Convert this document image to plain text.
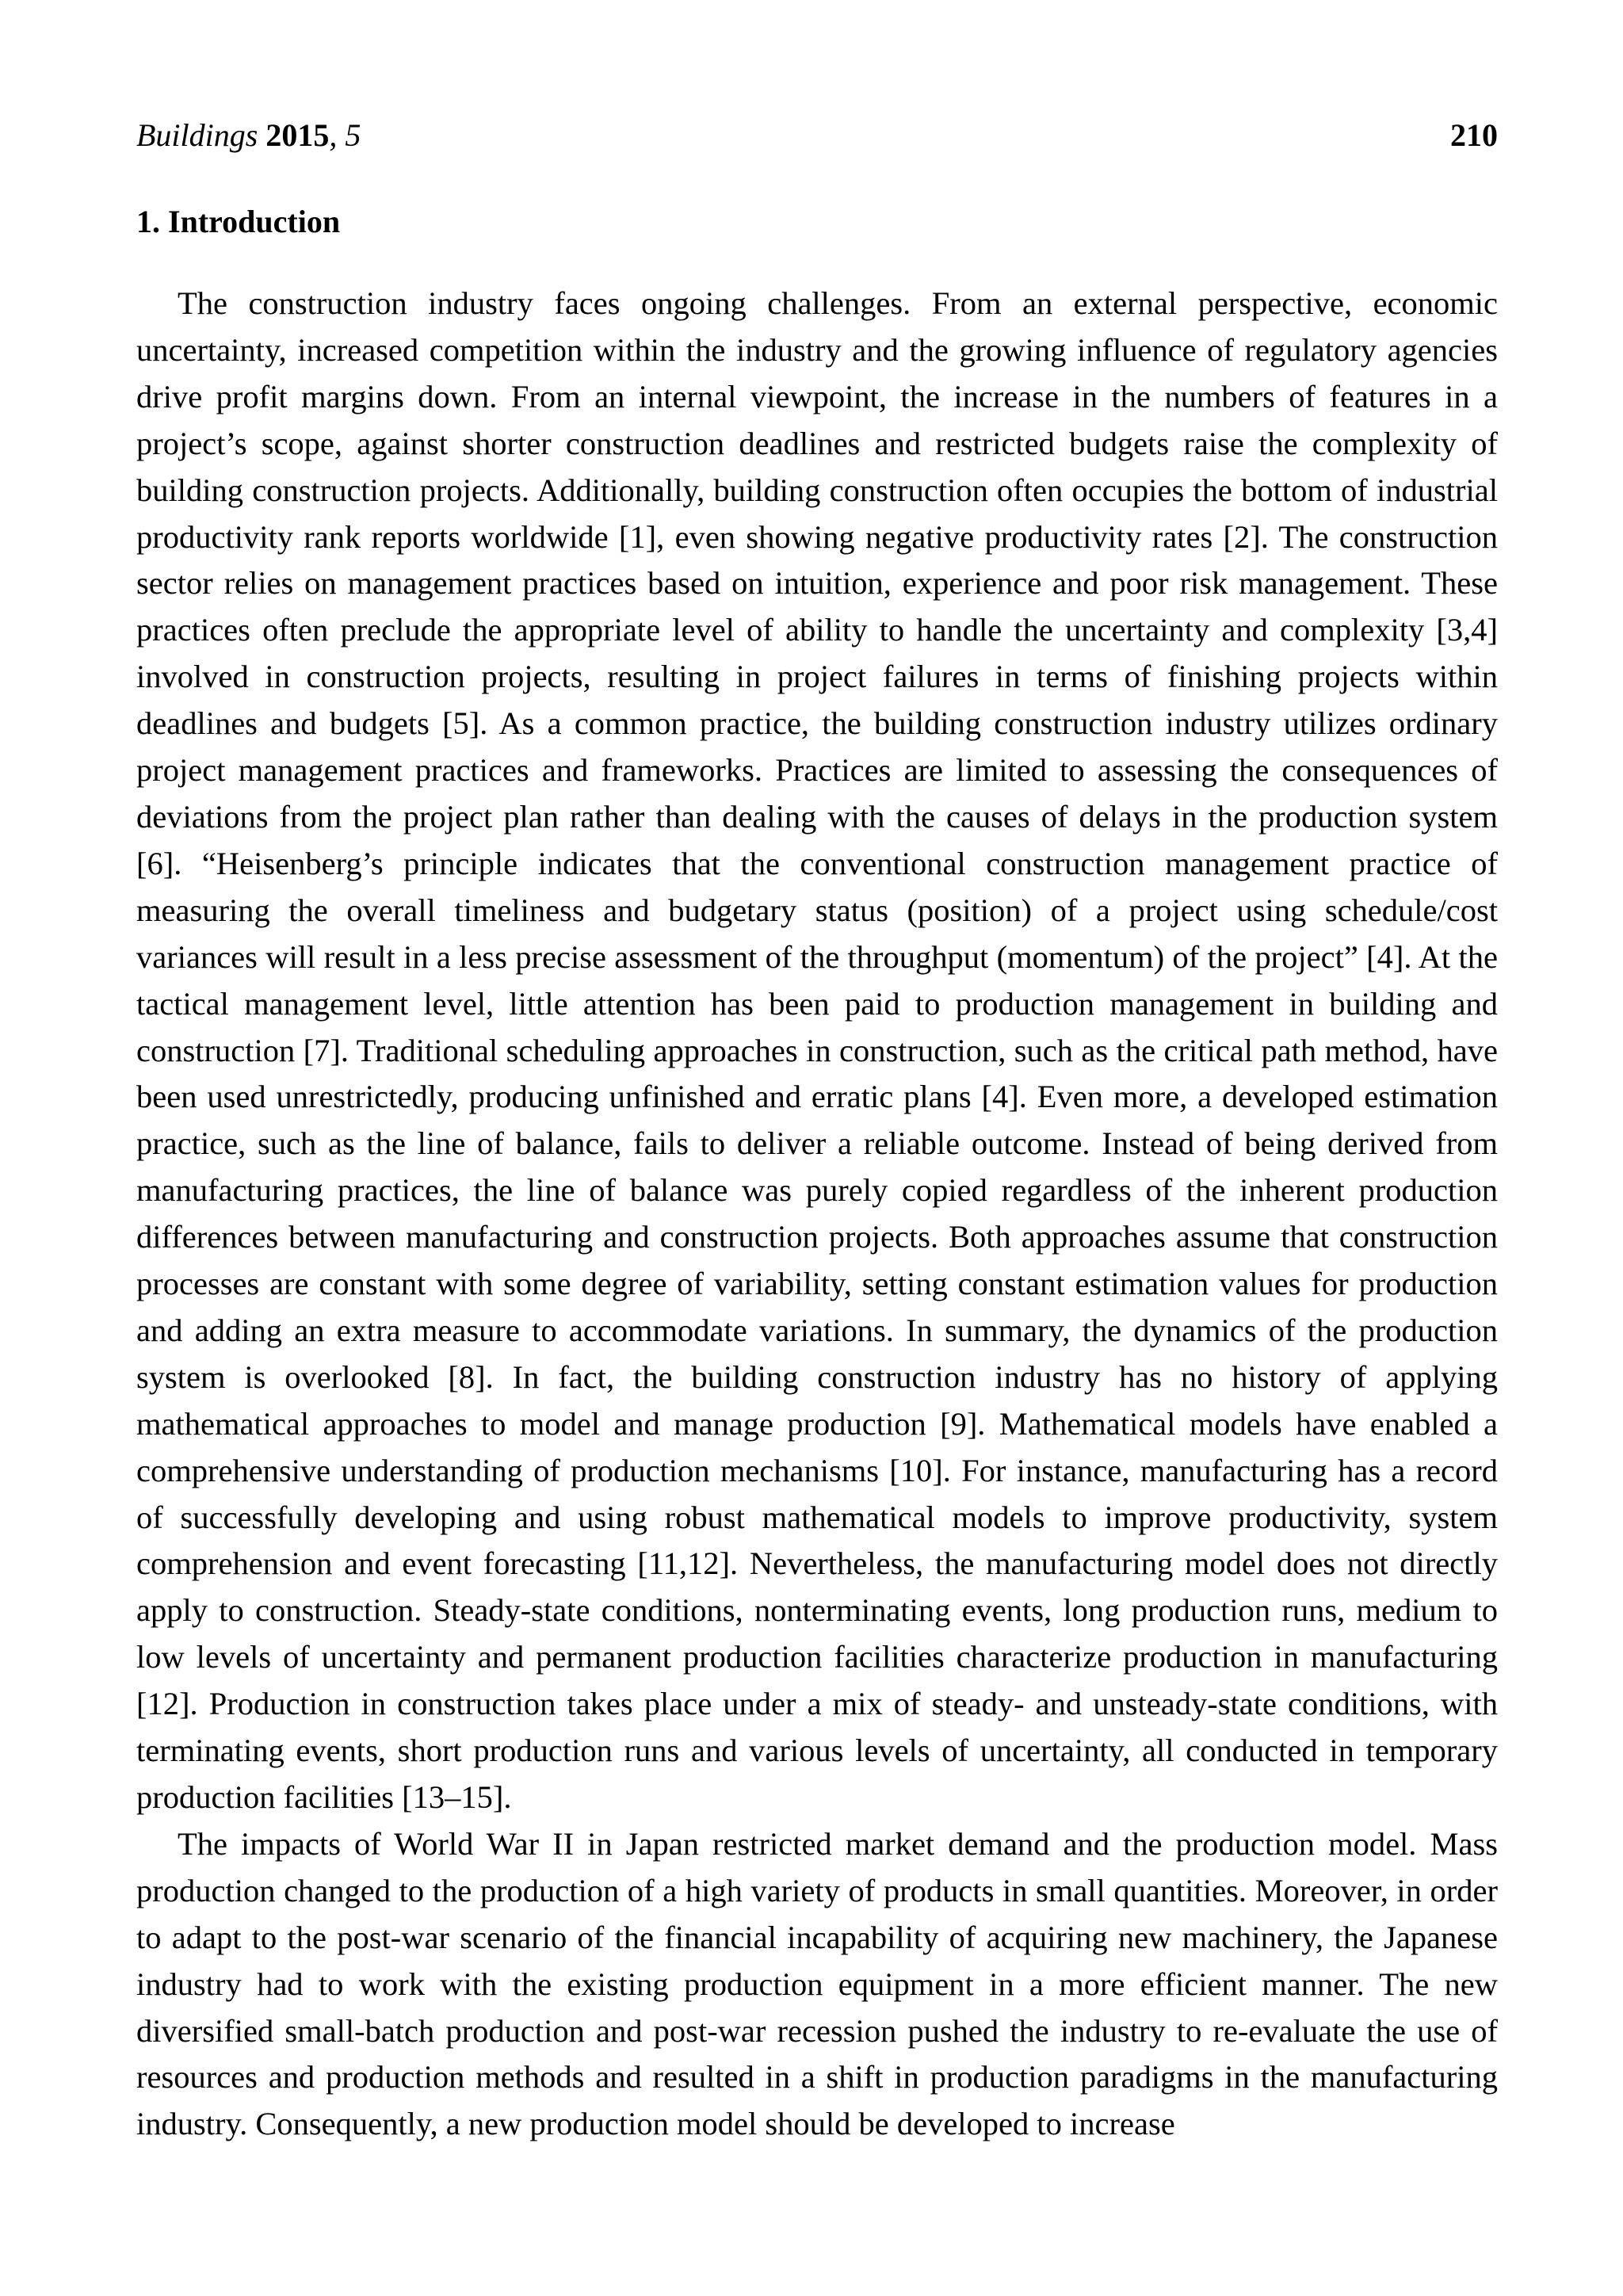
Buildings 2015, 5	210
1. Introduction

The construction industry faces ongoing challenges. From an external perspective, economic uncertainty, increased competition within the industry and the growing influence of regulatory agencies drive profit margins down. From an internal viewpoint, the increase in the numbers of features in a project’s scope, against shorter construction deadlines and restricted budgets raise the complexity of building construction projects. Additionally, building construction often occupies the bottom of industrial productivity rank reports worldwide [1], even showing negative productivity rates [2]. The construction sector relies on management practices based on intuition, experience and poor risk management. These practices often preclude the appropriate level of ability to handle the uncertainty and complexity [3,4] involved in construction projects, resulting in project failures in terms of finishing projects within deadlines and budgets [5]. As a common practice, the building construction industry utilizes ordinary project management practices and frameworks. Practices are limited to assessing the consequences of deviations from the project plan rather than dealing with the causes of delays in the production system [6]. “Heisenberg’s principle indicates that the conventional construction management practice of measuring the overall timeliness and budgetary status (position) of a project using schedule/cost variances will result in a less precise assessment of the throughput (momentum) of the project” [4]. At the tactical management level, little attention has been paid to production management in building and construction [7]. Traditional scheduling approaches in construction, such as the critical path method, have been used unrestrictedly, producing unfinished and erratic plans [4]. Even more, a developed estimation practice, such as the line of balance, fails to deliver a reliable outcome. Instead of being derived from manufacturing practices, the line of balance was purely copied regardless of the inherent production differences between manufacturing and construction projects. Both approaches assume that construction processes are constant with some degree of variability, setting constant estimation values for production and adding an extra measure to accommodate variations. In summary, the dynamics of the production system is overlooked [8]. In fact, the building construction industry has no history of applying mathematical approaches to model and manage production [9]. Mathematical models have enabled a comprehensive understanding of production mechanisms [10]. For instance, manufacturing has a record of successfully developing and using robust mathematical models to improve productivity, system comprehension and event forecasting [11,12]. Nevertheless, the manufacturing model does not directly apply to construction. Steady-state conditions, nonterminating events, long production runs, medium to low levels of uncertainty and permanent production facilities characterize production in manufacturing [12]. Production in construction takes place under a mix of steady- and unsteady-state conditions, with terminating events, short production runs and various levels of uncertainty, all conducted in temporary production facilities [13–15].

The impacts of World War II in Japan restricted market demand and the production model. Mass production changed to the production of a high variety of products in small quantities. Moreover, in order to adapt to the post-war scenario of the financial incapability of acquiring new machinery, the Japanese industry had to work with the existing production equipment in a more efficient manner. The new diversified small-batch production and post-war recession pushed the industry to re-evaluate the use of resources and production methods and resulted in a shift in production paradigms in the manufacturing industry. Consequently, a new production model should be developed to increase
